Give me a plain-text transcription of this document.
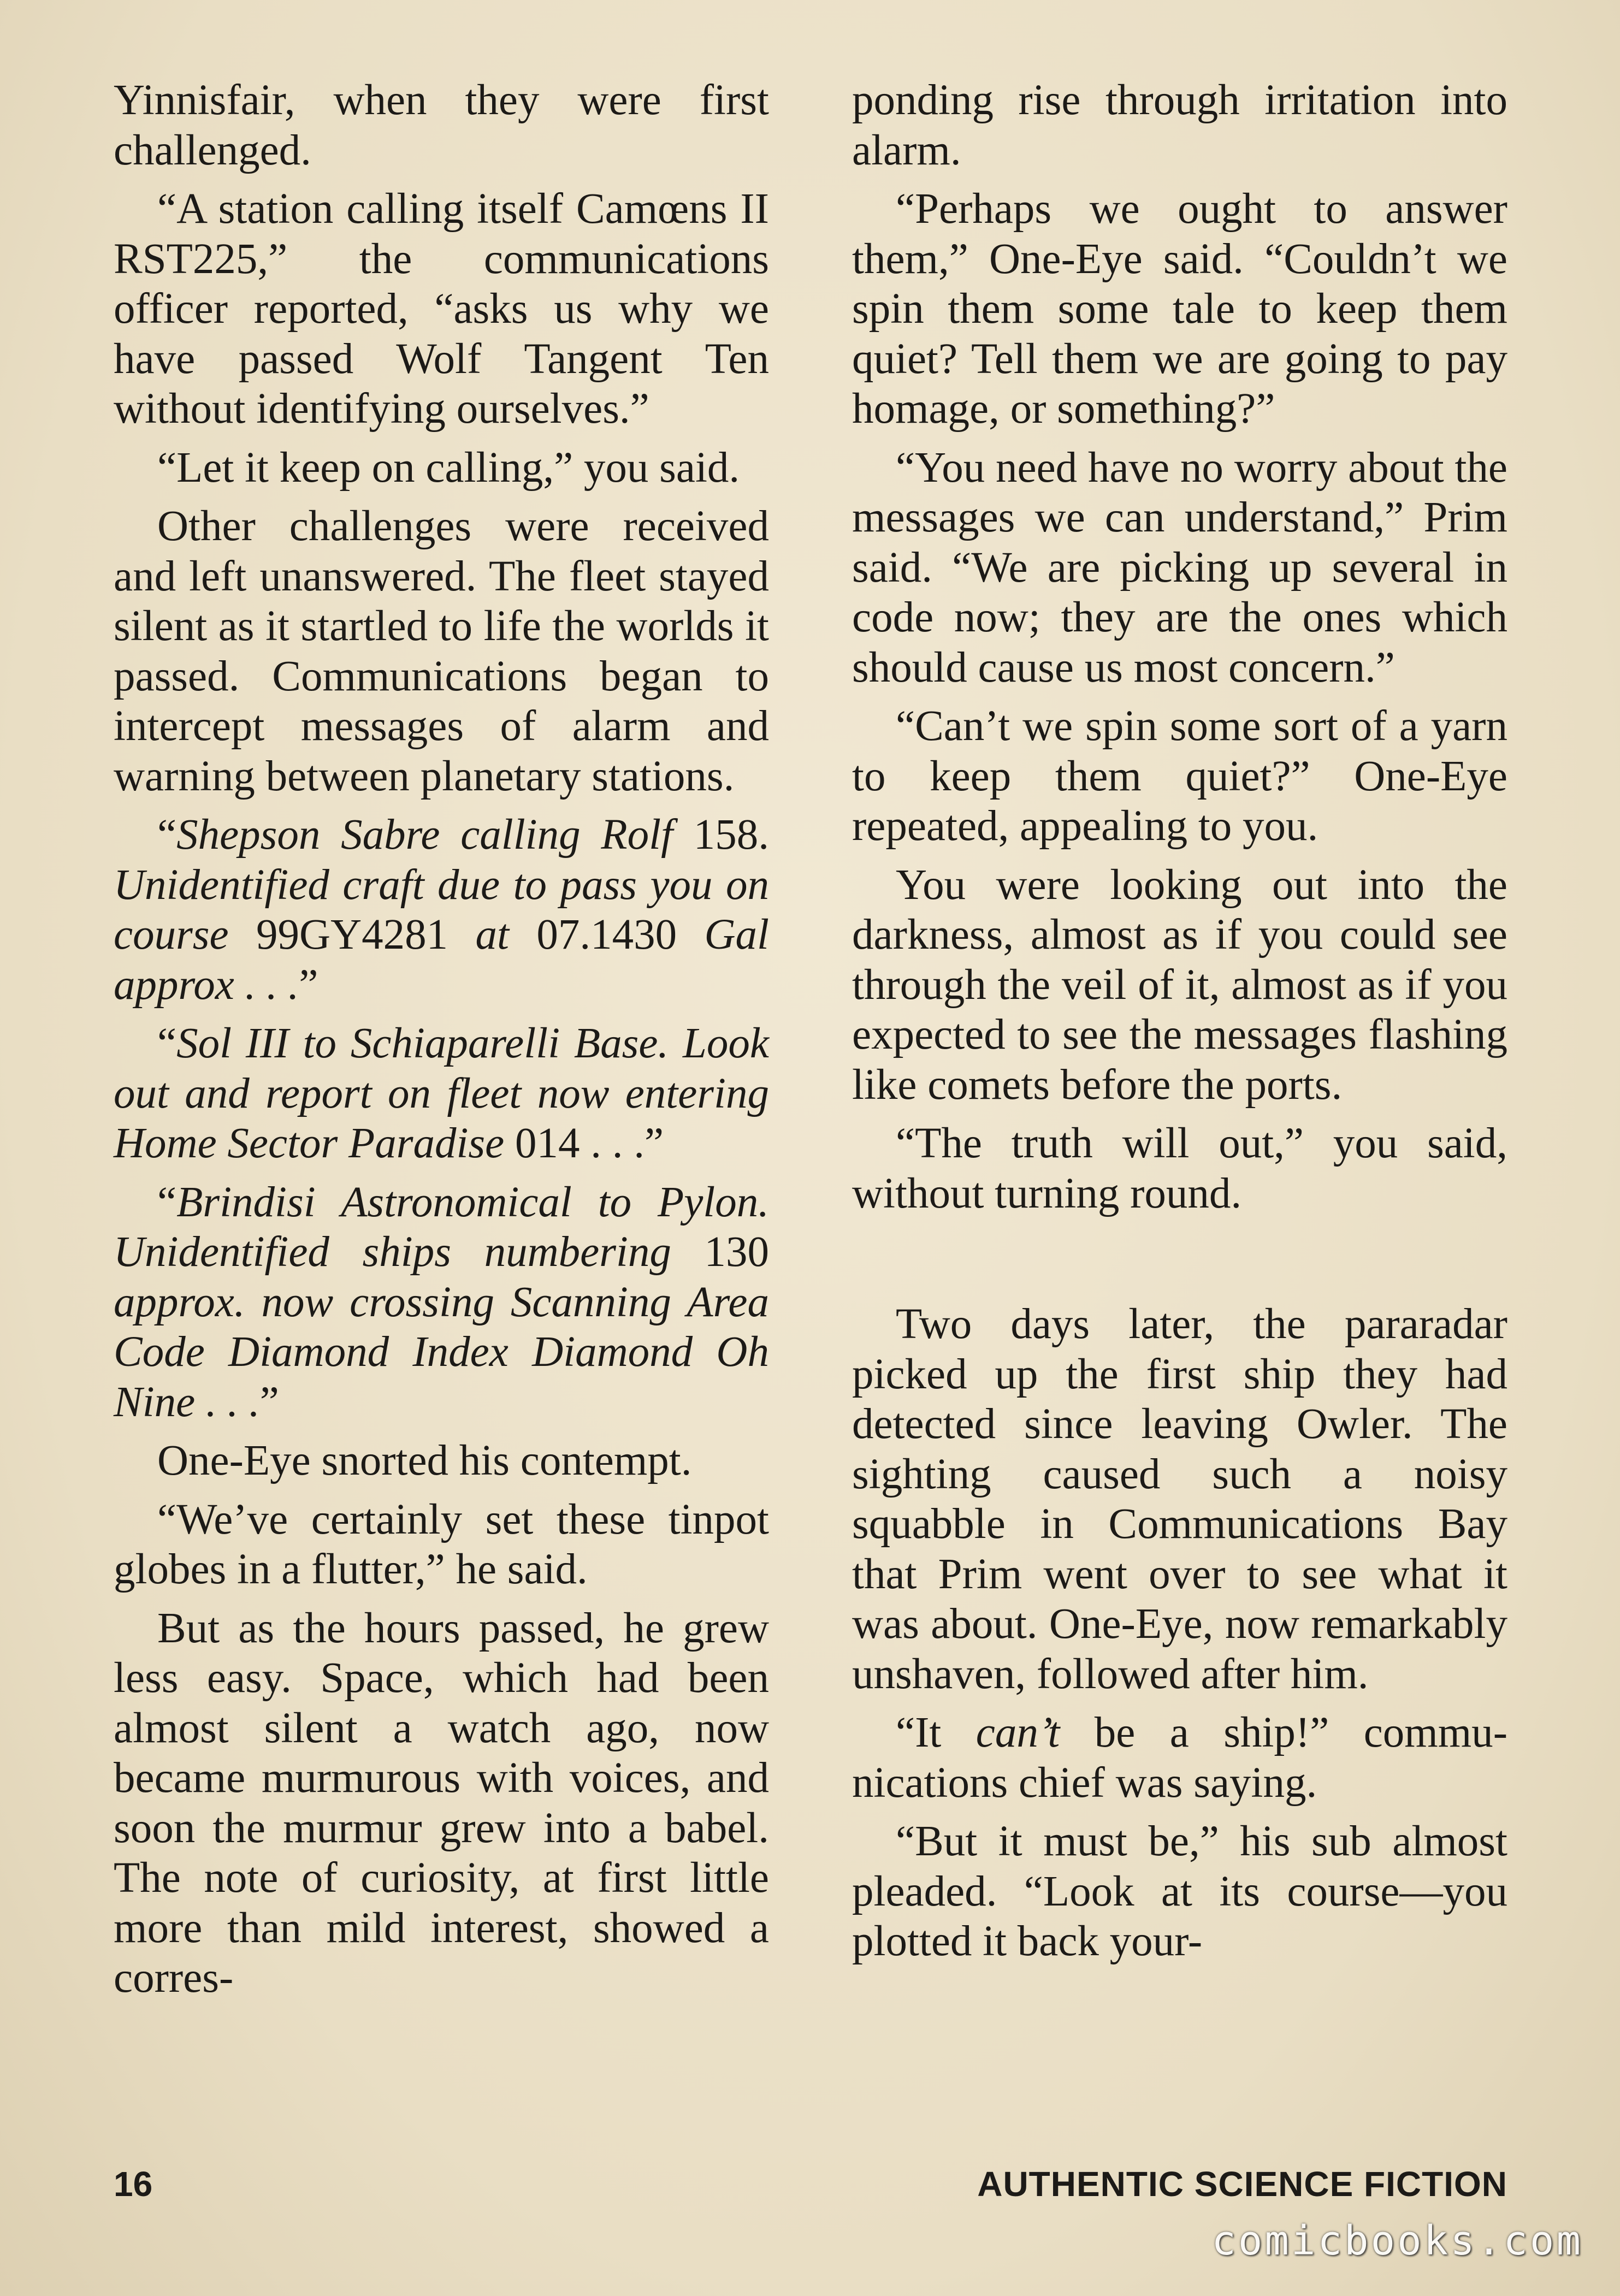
Yinnisfair, when they were first challenged.

“A station calling itself Camœns II RST225,” the communications officer reported, “asks us why we have passed Wolf Tangent Ten without identifying ourselves.”

“Let it keep on calling,” you said.

Other challenges were received and left unanswered. The fleet stayed silent as it startled to life the worlds it passed. Communications began to intercept messages of alarm and warning between planetary stations.

“Shepson Sabre calling Rolf 158. Unidentified craft due to pass you on course 99GY4281 at 07.1430 Gal approx . . .”

“Sol III to Schiaparelli Base. Look out and report on fleet now entering Home Sector Paradise 014 . . .”

“Brindisi Astronomical to Pylon. Unidentified ships numbering 130 approx. now crossing Scanning Area Code Diamond Index Diamond Oh Nine . . .”

One-Eye snorted his contempt.

“We’ve certainly set these tinpot globes in a flutter,” he said.

But as the hours passed, he grew less easy. Space, which had been almost silent a watch ago, now became murmurous with voices, and soon the murmur grew into a babel. The note of curiosity, at first little more than mild interest, showed a corres-

ponding rise through irritation into alarm.

“Perhaps we ought to answer them,” One-Eye said. “Couldn’t we spin them some tale to keep them quiet? Tell them we are going to pay homage, or something?”

“You need have no worry about the messages we can understand,” Prim said. “We are picking up several in code now; they are the ones which should cause us most concern.”

“Can’t we spin some sort of a yarn to keep them quiet?” One-Eye repeated, appealing to you.

You were looking out into the darkness, almost as if you could see through the veil of it, almost as if you expected to see the messages flashing like comets before the ports.

“The truth will out,” you said, without turning round.

Two days later, the pararadar picked up the first ship they had detected since leaving Owler. The sighting caused such a noisy squabble in Communications Bay that Prim went over to see what it was about. One-Eye, now remarkably unshaven, followed after him.

“It can’t be a ship!” communications chief was saying.

“But it must be,” his sub almost pleaded. “Look at its course—you plotted it back your-

16	AUTHENTIC SCIENCE FICTION
comicbooks.com
